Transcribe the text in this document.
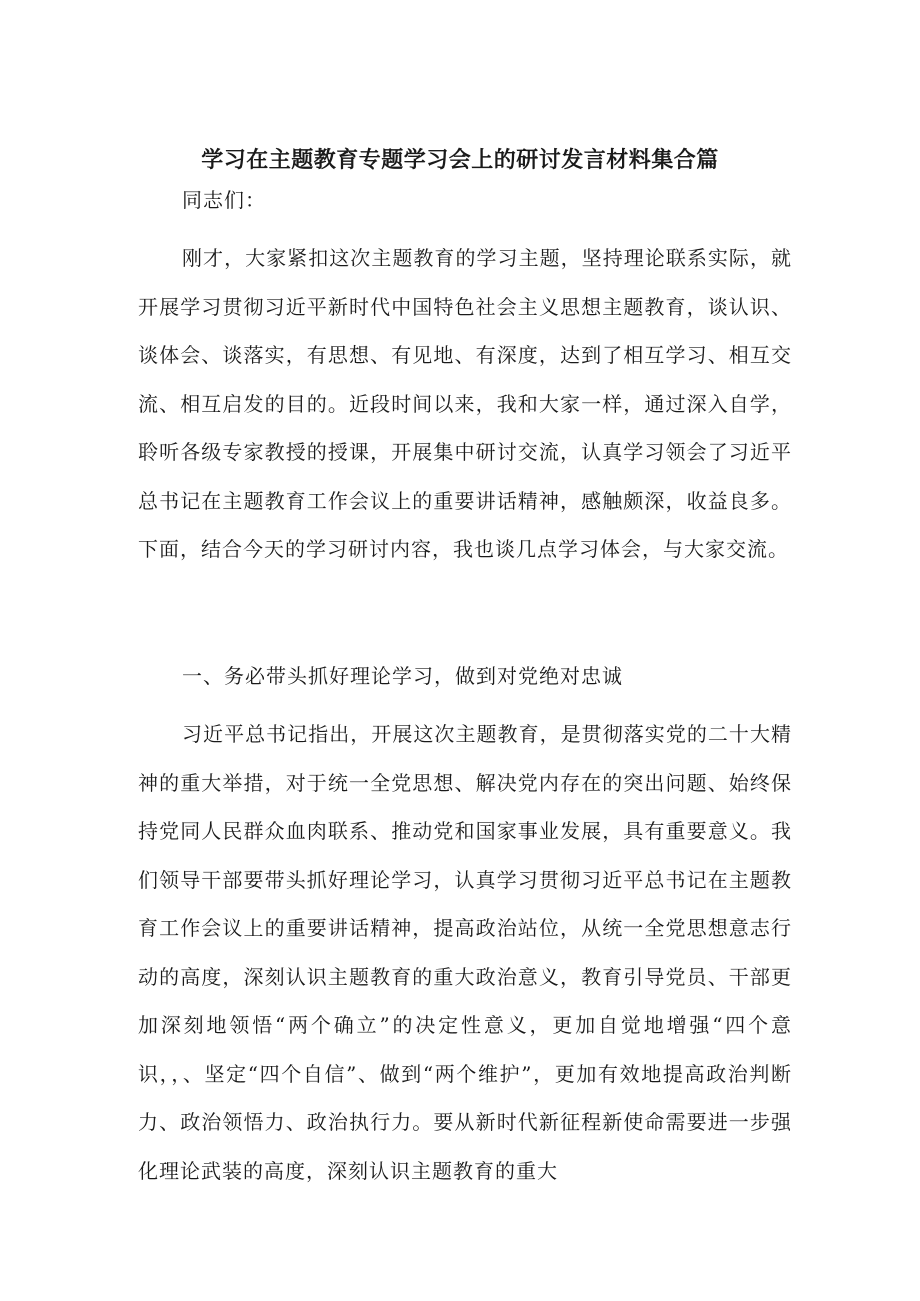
学习在主题教育专题学习会上的研讨发言材料集合篇

同志们：

刚才，大家紧扣这次主题教育的学习主题，坚持理论联系实际，就开展学习贯彻习近平新时代中国特色社会主义思想主题教育，谈认识、谈体会、谈落实，有思想、有见地、有深度，达到了相互学习、相互交流、相互启发的目的。近段时间以来，我和大家一样，通过深入自学，聆听各级专家教授的授课，开展集中研讨交流，认真学习领会了习近平总书记在主题教育工作会议上的重要讲话精神，感触颇深，收益良多。下面，结合今天的学习研讨内容，我也谈几点学习体会，与大家交流。

一、务必带头抓好理论学习，做到对党绝对忠诚

习近平总书记指出，开展这次主题教育，是贯彻落实党的二十大精神的重大举措，对于统一全党思想、解决党内存在的突出问题、始终保持党同人民群众血肉联系、推动党和国家事业发展，具有重要意义。我们领导干部要带头抓好理论学习，认真学习贯彻习近平总书记在主题教育工作会议上的重要讲话精神，提高政治站位，从统一全党思想意志行动的高度，深刻认识主题教育的重大政治意义，教育引导党员、干部更加深刻地领悟“两个确立”的决定性意义，更加自觉地增强“四个意识，，、坚定“四个自信”、做到“两个维护”，更加有效地提高政治判断力、政治领悟力、政治执行力。要从新时代新征程新使命需要进一步强化理论武装的高度，深刻认识主题教育的重大
